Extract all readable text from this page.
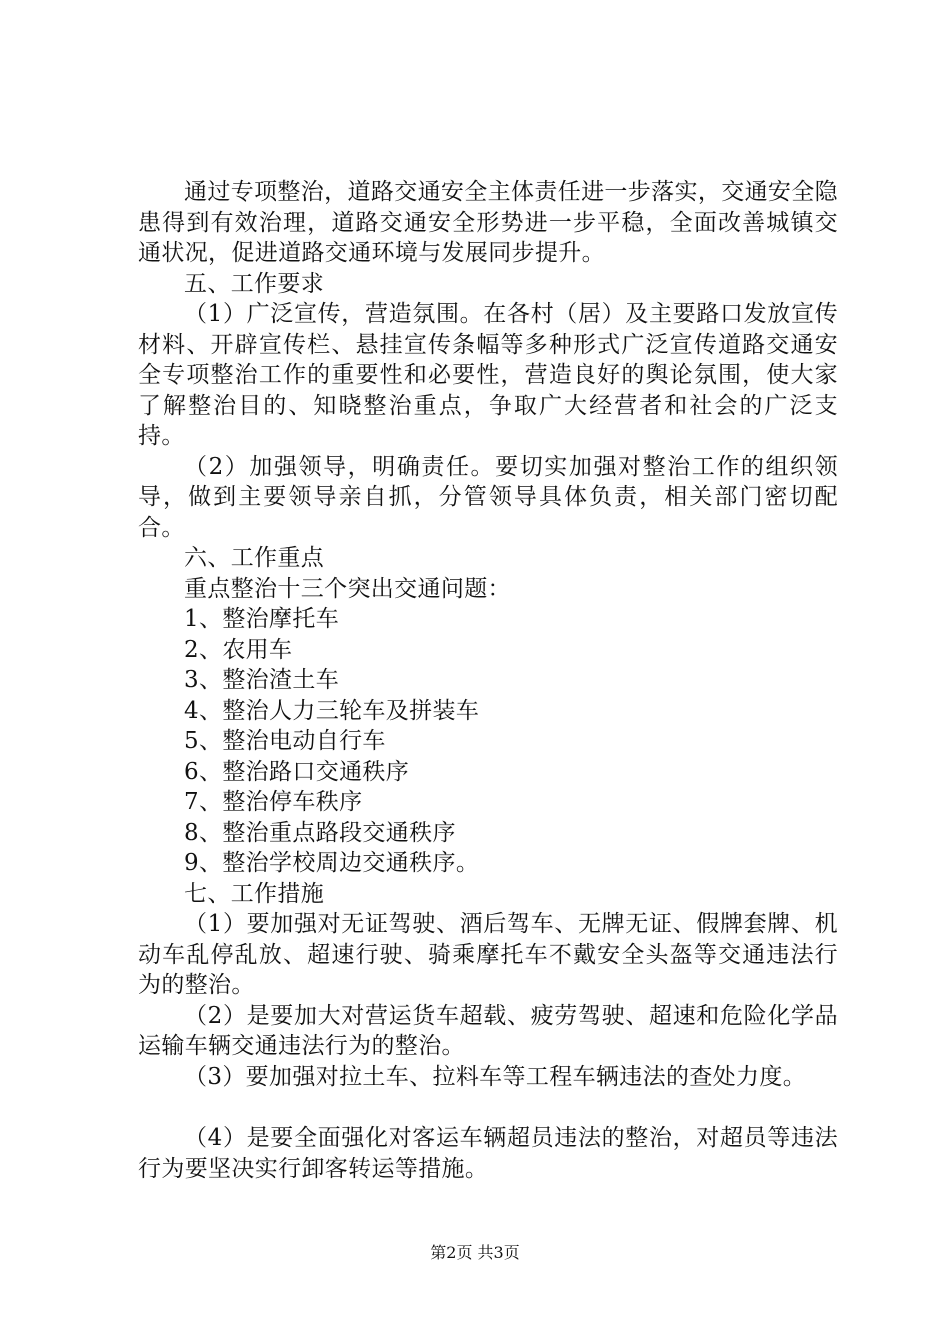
通过专项整治，道路交通安全主体责任进一步落实，交通安全隐患得到有效治理，道路交通安全形势进一步平稳，全面改善城镇交通状况，促进道路交通环境与发展同步提升。

五、工作要求

（1）广泛宣传，营造氛围。在各村（居）及主要路口发放宣传材料、开辟宣传栏、悬挂宣传条幅等多种形式广泛宣传道路交通安全专项整治工作的重要性和必要性，营造良好的舆论氛围，使大家了解整治目的、知晓整治重点，争取广大经营者和社会的广泛支持。

（2）加强领导，明确责任。要切实加强对整治工作的组织领导，做到主要领导亲自抓，分管领导具体负责，相关部门密切配合。

六、工作重点

重点整治十三个突出交通问题：

1、整治摩托车

2、农用车

3、整治渣土车

4、整治人力三轮车及拼装车

5、整治电动自行车

6、整治路口交通秩序

7、整治停车秩序

8、整治重点路段交通秩序

9、整治学校周边交通秩序。

七、工作措施

（1）要加强对无证驾驶、酒后驾车、无牌无证、假牌套牌、机动车乱停乱放、超速行驶、骑乘摩托车不戴安全头盔等交通违法行为的整治。

（2）是要加大对营运货车超载、疲劳驾驶、超速和危险化学品运输车辆交通违法行为的整治。

（3）要加强对拉土车、拉料车等工程车辆违法的查处力度。

（4）是要全面强化对客运车辆超员违法的整治，对超员等违法行为要坚决实行卸客转运等措施。

第2页 共3页
